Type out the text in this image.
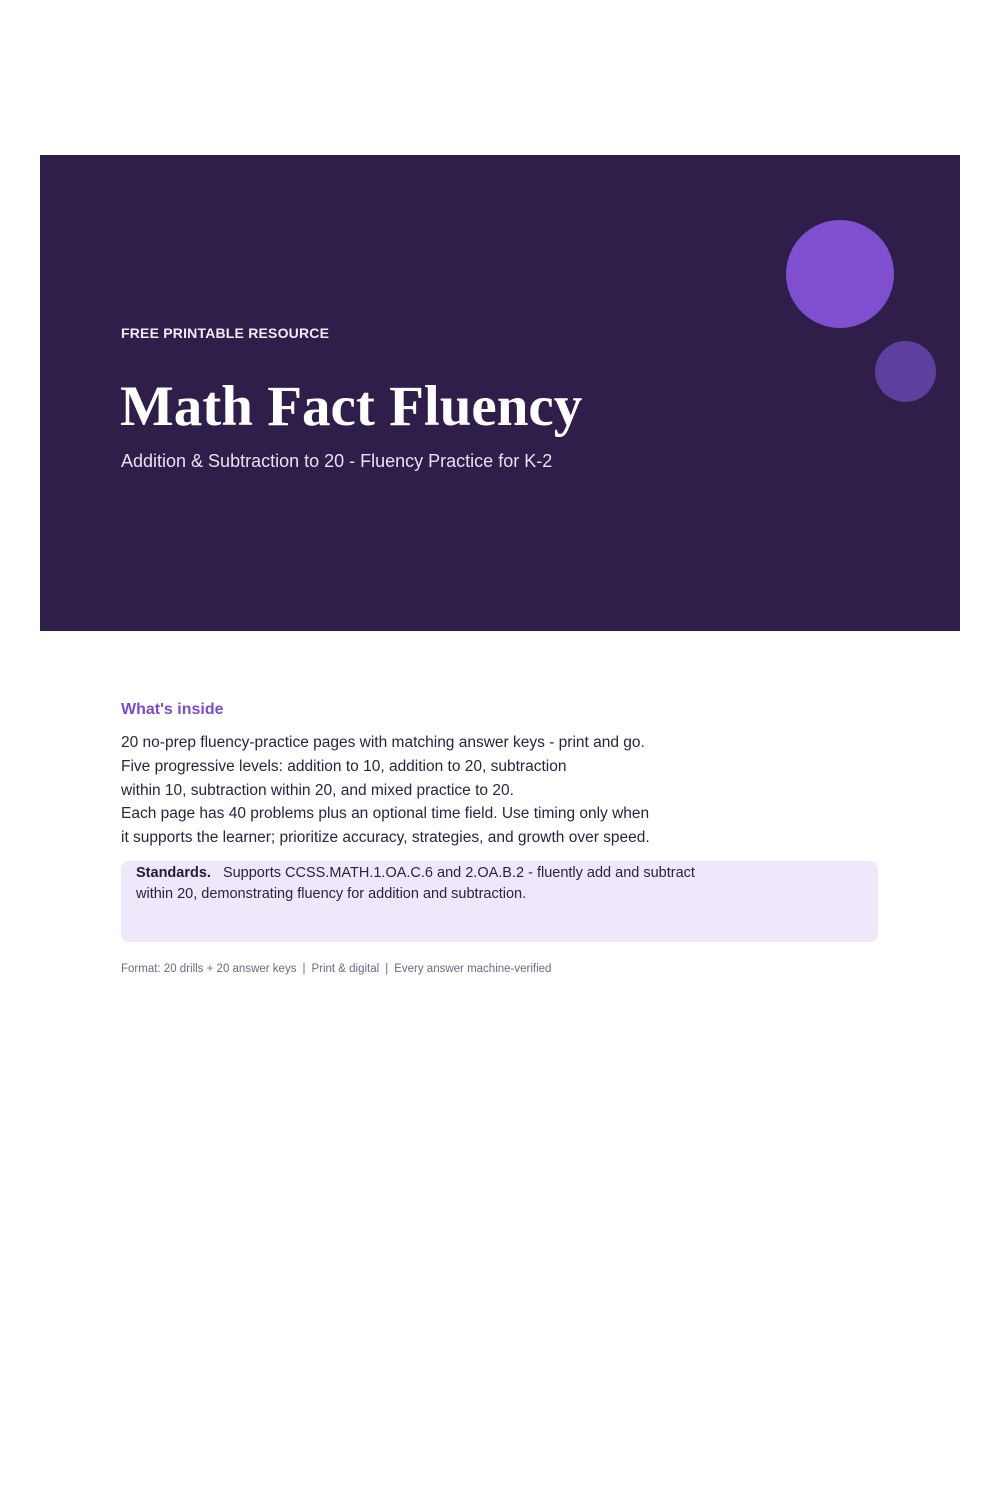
FREE PRINTABLE RESOURCE
Math Fact Fluency
Addition & Subtraction to 20 - Fluency Practice for K-2
What's inside
20 no-prep fluency-practice pages with matching answer keys - print and go.
Five progressive levels: addition to 10, addition to 20, subtraction
within 10, subtraction within 20, and mixed practice to 20.
Each page has 40 problems plus an optional time field. Use timing only when
it supports the learner; prioritize accuracy, strategies, and growth over speed.
Standards. Supports CCSS.MATH.1.OA.C.6 and 2.OA.B.2 - fluently add and subtract within 20, demonstrating fluency for addition and subtraction.
Format: 20 drills + 20 answer keys | Print & digital | Every answer machine-verified
